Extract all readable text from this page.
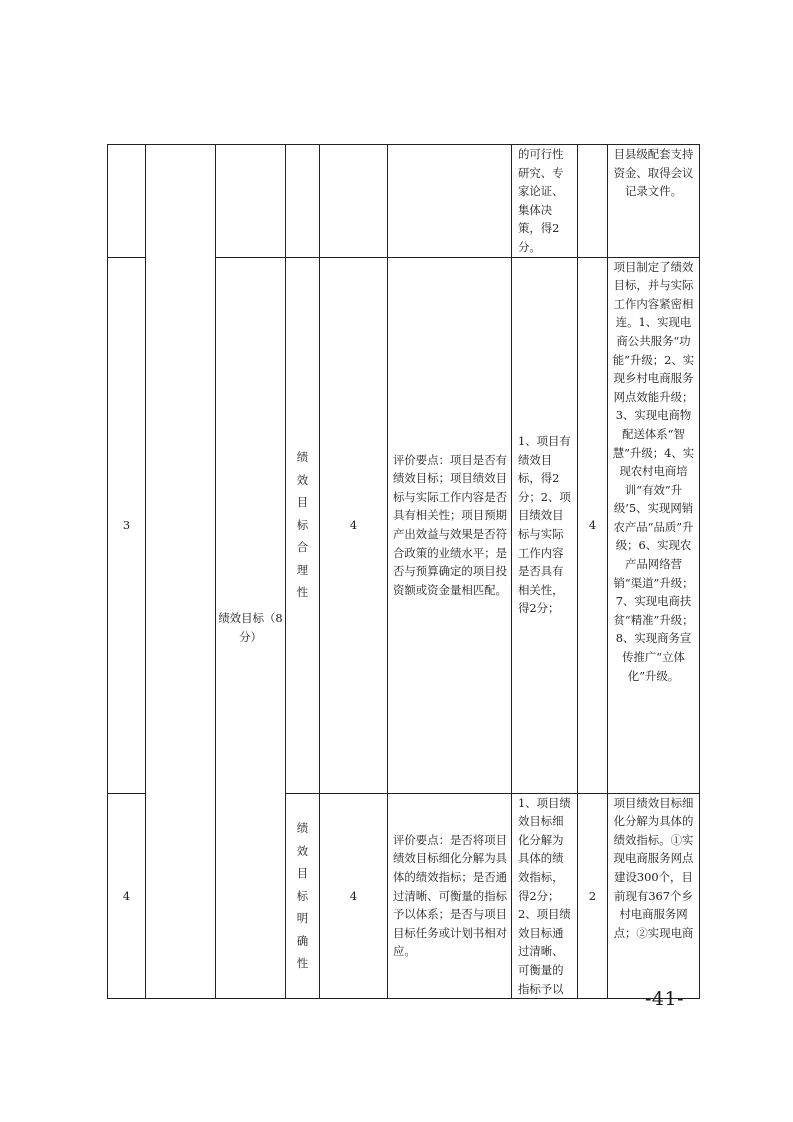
						的可行性研究、专家论证、集体决策，得2分。		目县级配套支持资金、取得会议记录文件。
3		绩效目标（8分）	绩效目标合理性	4	评价要点：项目是否有绩效目标；项目绩效目标与实际工作内容是否具有相关性；项目预期产出效益与效果是否符合政策的业绩水平；是否与预算确定的项目投资额或资金量相匹配。	1、项目有绩效目标，得2分；2、项目绩效目标与实际工作内容是否具有相关性，得2分；	4	项目制定了绩效目标，并与实际工作内容紧密相连。1、实现电商公共服务“功能”升级；2、实现乡村电商服务网点效能升级；3、实现电商物配送体系“智慧”升级；4、实现农村电商培训“有效”升级’5、实现网销农产品“品质”升级；6、实现农产品网络营销“渠道”升级；7、实现电商扶贫“精准”升级；8、实现商务宣传推广“立体化”升级。
4			绩效目标明确性	4	评价要点：是否将项目绩效目标细化分解为具体的绩效指标；是否通过清晰、可衡量的指标予以体系；是否与项目目标任务或计划书相对应。	1、项目绩效目标细化分解为具体的绩效指标，得2分；2、项目绩效目标通过清晰、可衡量的指标予以	2	项目绩效目标细化分解为具体的绩效指标。①实现电商服务网点建设300个，目前现有367个乡村电商服务网点；②实现电商
-41-
